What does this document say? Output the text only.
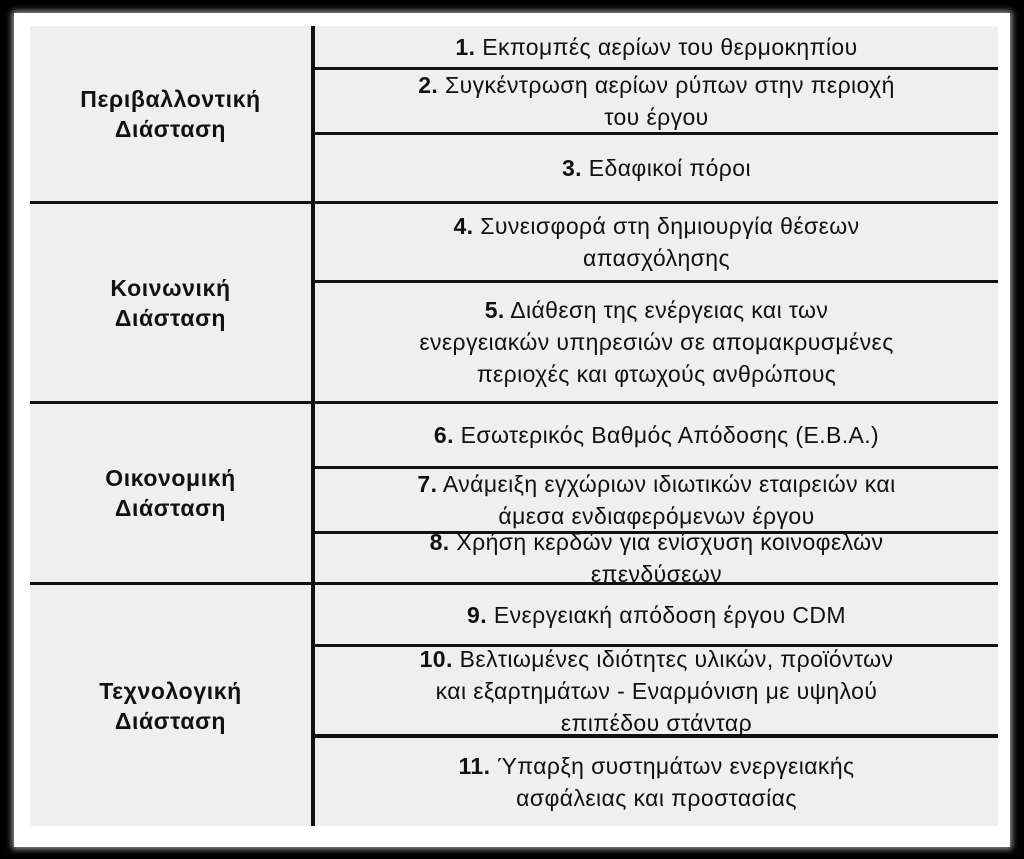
Περιβαλλοντική
Διάσταση
Κοινωνική
Διάσταση
Οικονομική
Διάσταση
Τεχνολογική
Διάσταση
1. Εκπομπές αερίων του θερμοκηπίου
2. Συγκέντρωση αερίων ρύπων στην περιοχή
του έργου
3. Εδαφικοί πόροι
4. Συνεισφορά στη δημιουργία θέσεων
απασχόλησης
5. Διάθεση της ενέργειας και των
ενεργειακών υπηρεσιών σε απομακρυσμένες
περιοχές και φτωχούς ανθρώπους
6. Εσωτερικός Βαθμός Απόδοσης (Ε.Β.Α.)
7. Ανάμειξη εγχώριων ιδιωτικών εταιρειών και
άμεσα ενδιαφερόμενων έργου
8. Χρήση κερδών για ενίσχυση κοινοφελών
επενδύσεων
9. Ενεργειακή απόδοση έργου CDM
10. Βελτιωμένες ιδιότητες υλικών, προϊόντων
και εξαρτημάτων - Εναρμόνιση με υψηλού
επιπέδου στάνταρ
11. Ύπαρξη συστημάτων ενεργειακής
ασφάλειας και προστασίας
